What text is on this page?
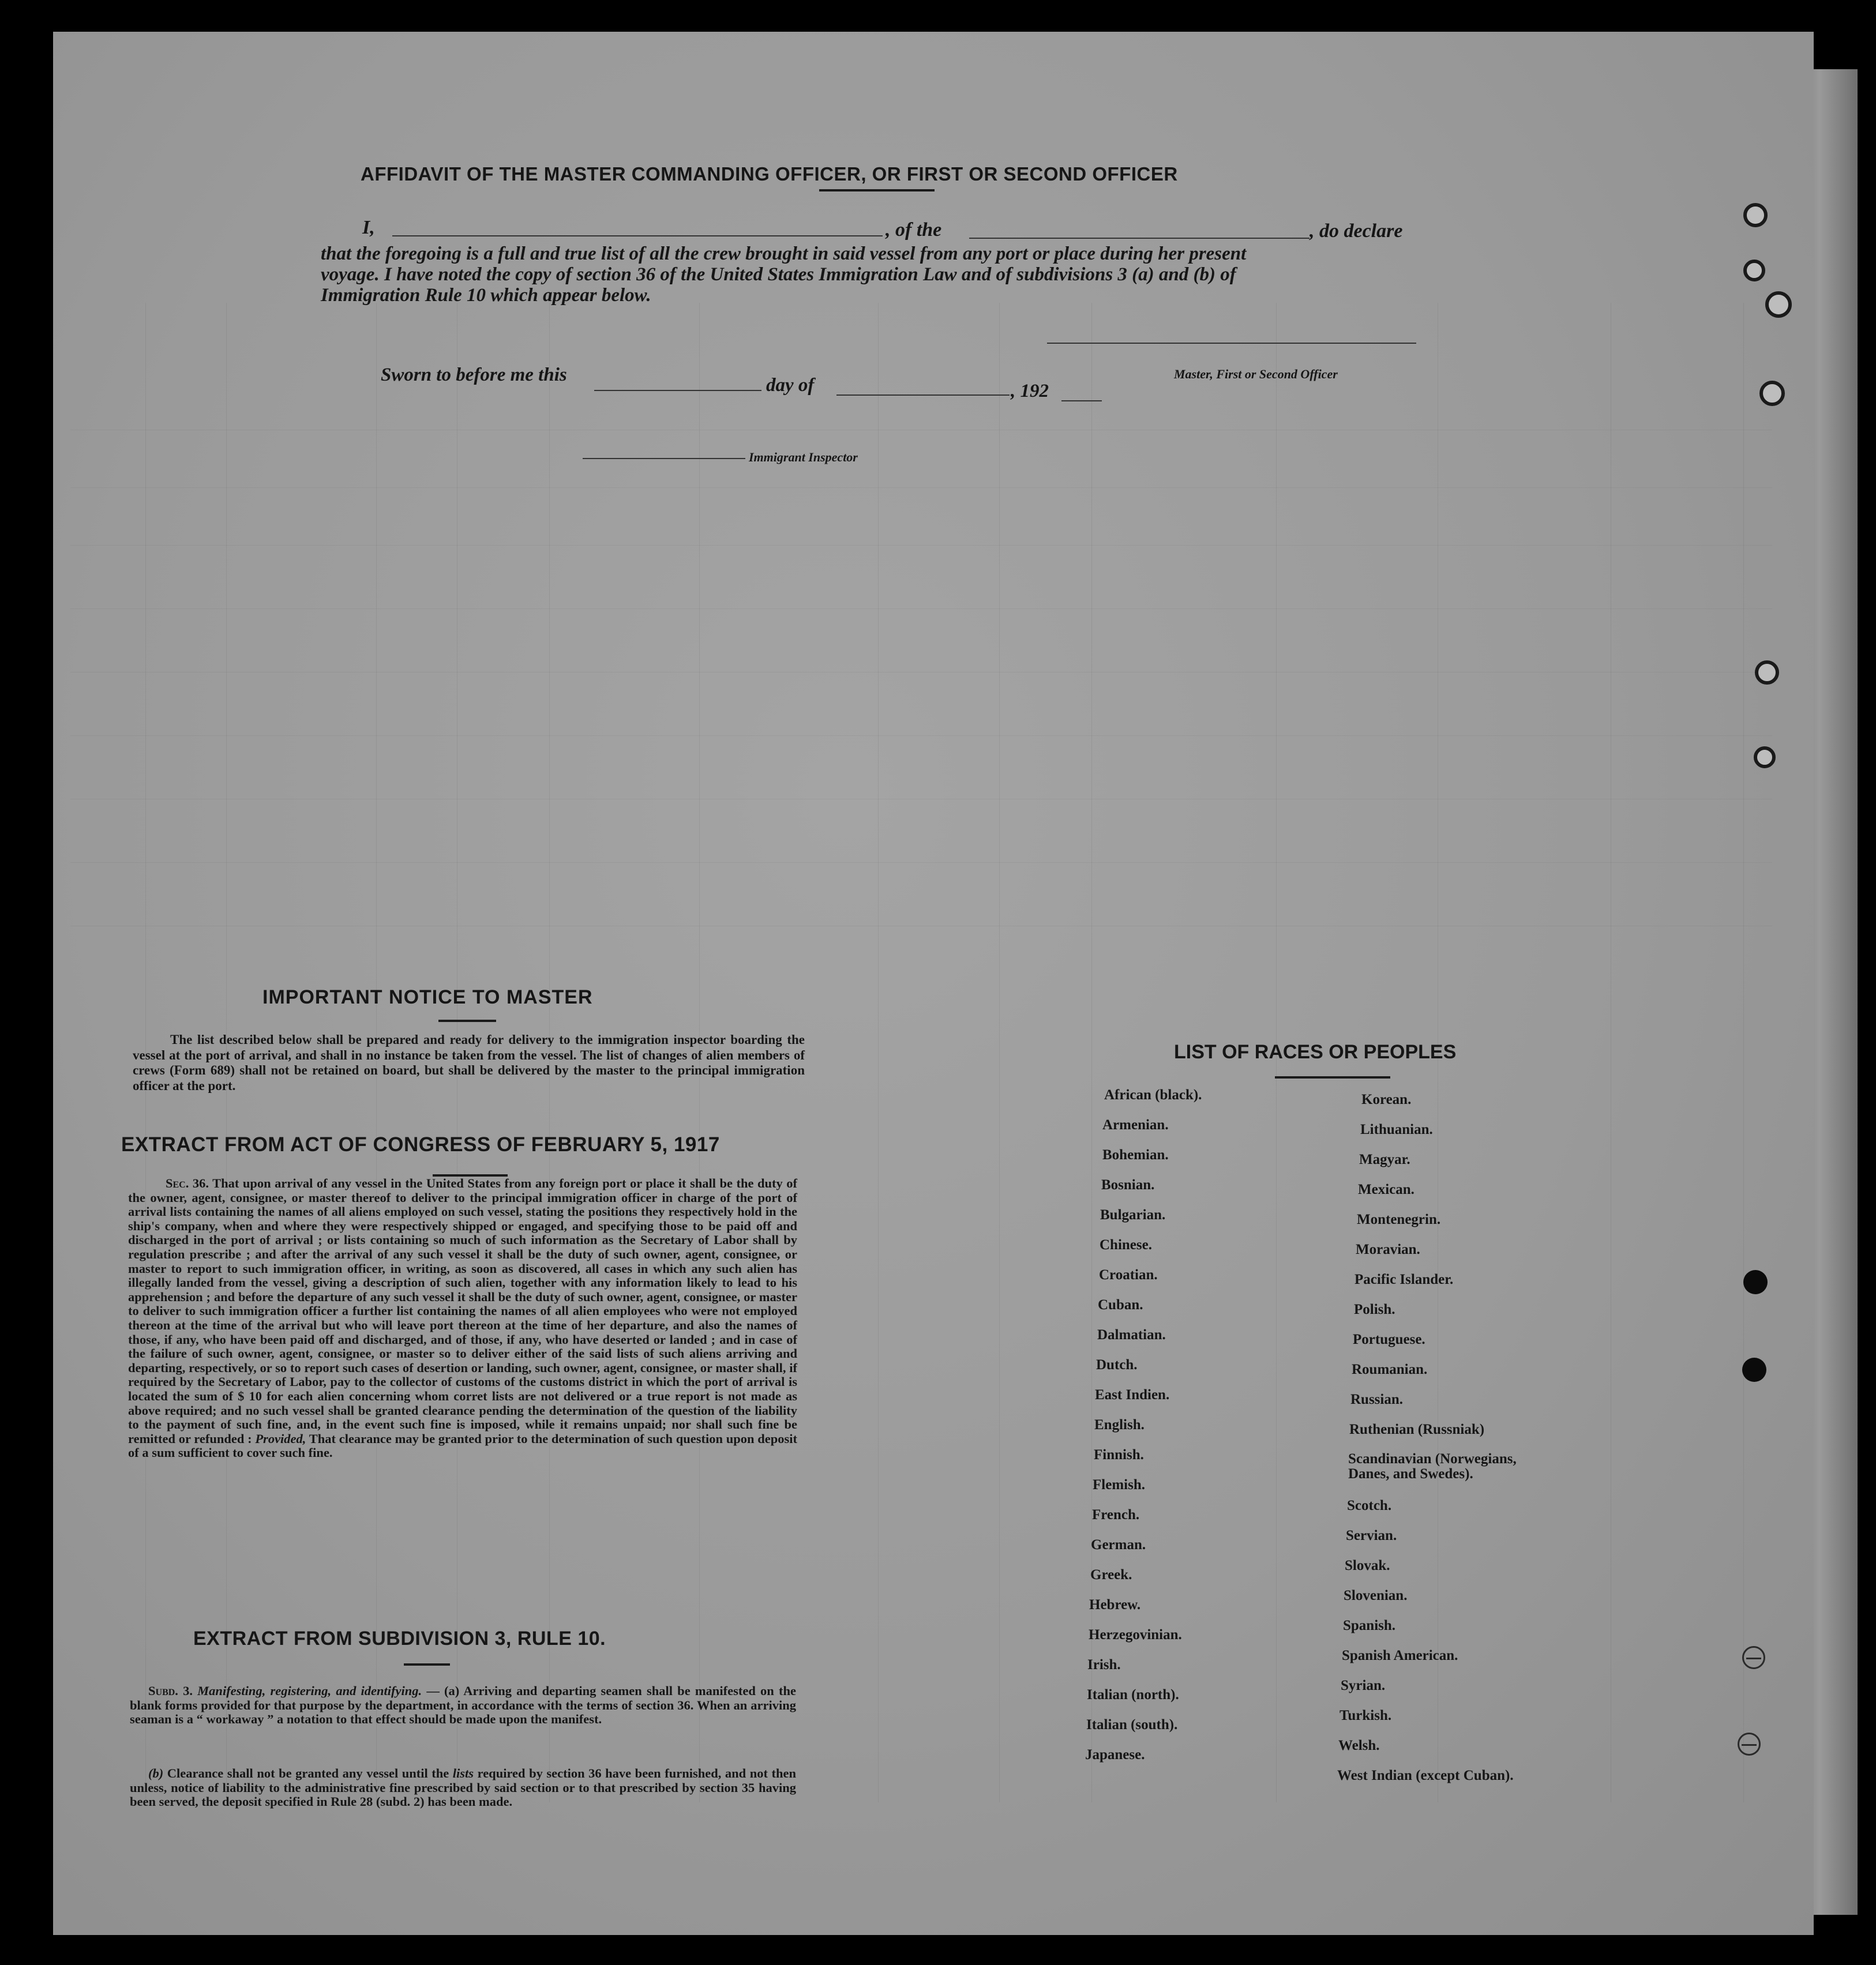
AFFIDAVIT OF THE MASTER COMMANDING OFFICER, OR FIRST OR SECOND OFFICER
I,	, of the	, do declare
that the foregoing is a full and true list of all the crew brought in said vessel from any port or place during her present
voyage. I have noted the copy of section 36 of the United States Immigration Law and of subdivisions 3 (a) and (b) of
Immigration Rule 10 which appear below.
Master, First or Second Officer
Sworn to before me this	day of	, 192
Immigrant Inspector
IMPORTANT NOTICE TO MASTER
The list described below shall be prepared and ready for delivery to the immigration inspector boarding the vessel at the port of arrival, and shall in no instance be taken from the vessel. The list of changes of alien members of crews (Form 689) shall not be retained on board, but shall be delivered by the master to the principal immigration officer at the port.
EXTRACT FROM ACT OF CONGRESS OF FEBRUARY 5, 1917

Sec. 36. That upon arrival of any vessel in the United States from any foreign port or place it shall be the duty of the owner, agent, consignee, or master thereof to deliver to the principal immigration officer in charge of the port of arrival lists containing the names of all aliens employed on such vessel, stating the positions they respectively hold in the ship's company, when and where they were respectively shipped or engaged, and specifying those to be paid off and discharged in the port of arrival ; or lists containing so much of such information as the Secretary of Labor shall by regulation prescribe ; and after the arrival of any such vessel it shall be the duty of such owner, agent, consignee, or master to report to such immigration officer, in writing, as soon as discovered, all cases in which any such alien has illegally landed from the vessel, giving a description of such alien, together with any information likely to lead to his apprehension ; and before the departure of any such vessel it shall be the duty of such owner, agent, consignee, or master to deliver to such immigration officer a further list containing the names of all alien employees who were not employed thereon at the time of the arrival but who will leave port thereon at the time of her departure, and also the names of those, if any, who have been paid off and discharged, and of those, if any, who have deserted or landed ; and in case of the failure of such owner, agent, consignee, or master so to deliver either of the said lists of such aliens arriving and departing, respectively, or so to report such cases of desertion or landing, such owner, agent, consignee, or master shall, if required by the Secretary of Labor, pay to the collector of customs of the customs district in which the port of arrival is located the sum of $ 10 for each alien concerning whom corret lists are not delivered or a true report is not made as above required; and no such vessel shall be granted clearance pending the determination of the question of the liability to the payment of such fine, and, in the event such fine is imposed, while it remains unpaid; nor shall such fine be remitted or refunded : Provided, That clearance may be granted prior to the determination of such question upon deposit of a sum sufficient to cover such fine.

EXTRACT FROM SUBDIVISION 3, RULE 10.

Subd. 3. Manifesting, registering, and identifying. — (a) Arriving and departing seamen shall be manifested on the blank forms provided for that purpose by the department, in accordance with the terms of section 36. When an arriving seaman is a “ workaway ” a notation to that effect should be made upon the manifest.

(b) Clearance shall not be granted any vessel until the lists required by section 36 have been furnished, and not then unless, notice of liability to the administrative fine prescribed by said section or to that prescribed by section 35 having been served, the deposit specified in Rule 28 (subd. 2) has been made.

LIST OF RACES OR PEOPLES
African (black).
Armenian.
Bohemian.
Bosnian.
Bulgarian.
Chinese.
Croatian.
Cuban.
Dalmatian.
Dutch.
East Indien.
English.
Finnish.
Flemish.
French.
German.
Greek.
Hebrew.
Herzegovinian.
Irish.
Italian (north).
Italian (south).
Japanese.
Korean.
Lithuanian.
Magyar.
Mexican.
Montenegrin.
Moravian.
Pacific Islander.
Polish.
Portuguese.
Roumanian.
Russian.
Ruthenian (Russniak)
Scandinavian (Norwegians, Danes, and Swedes).
Scotch.
Servian.
Slovak.
Slovenian.
Spanish.
Spanish American.
Syrian.
Turkish.
Welsh.
West Indian (except Cuban).
